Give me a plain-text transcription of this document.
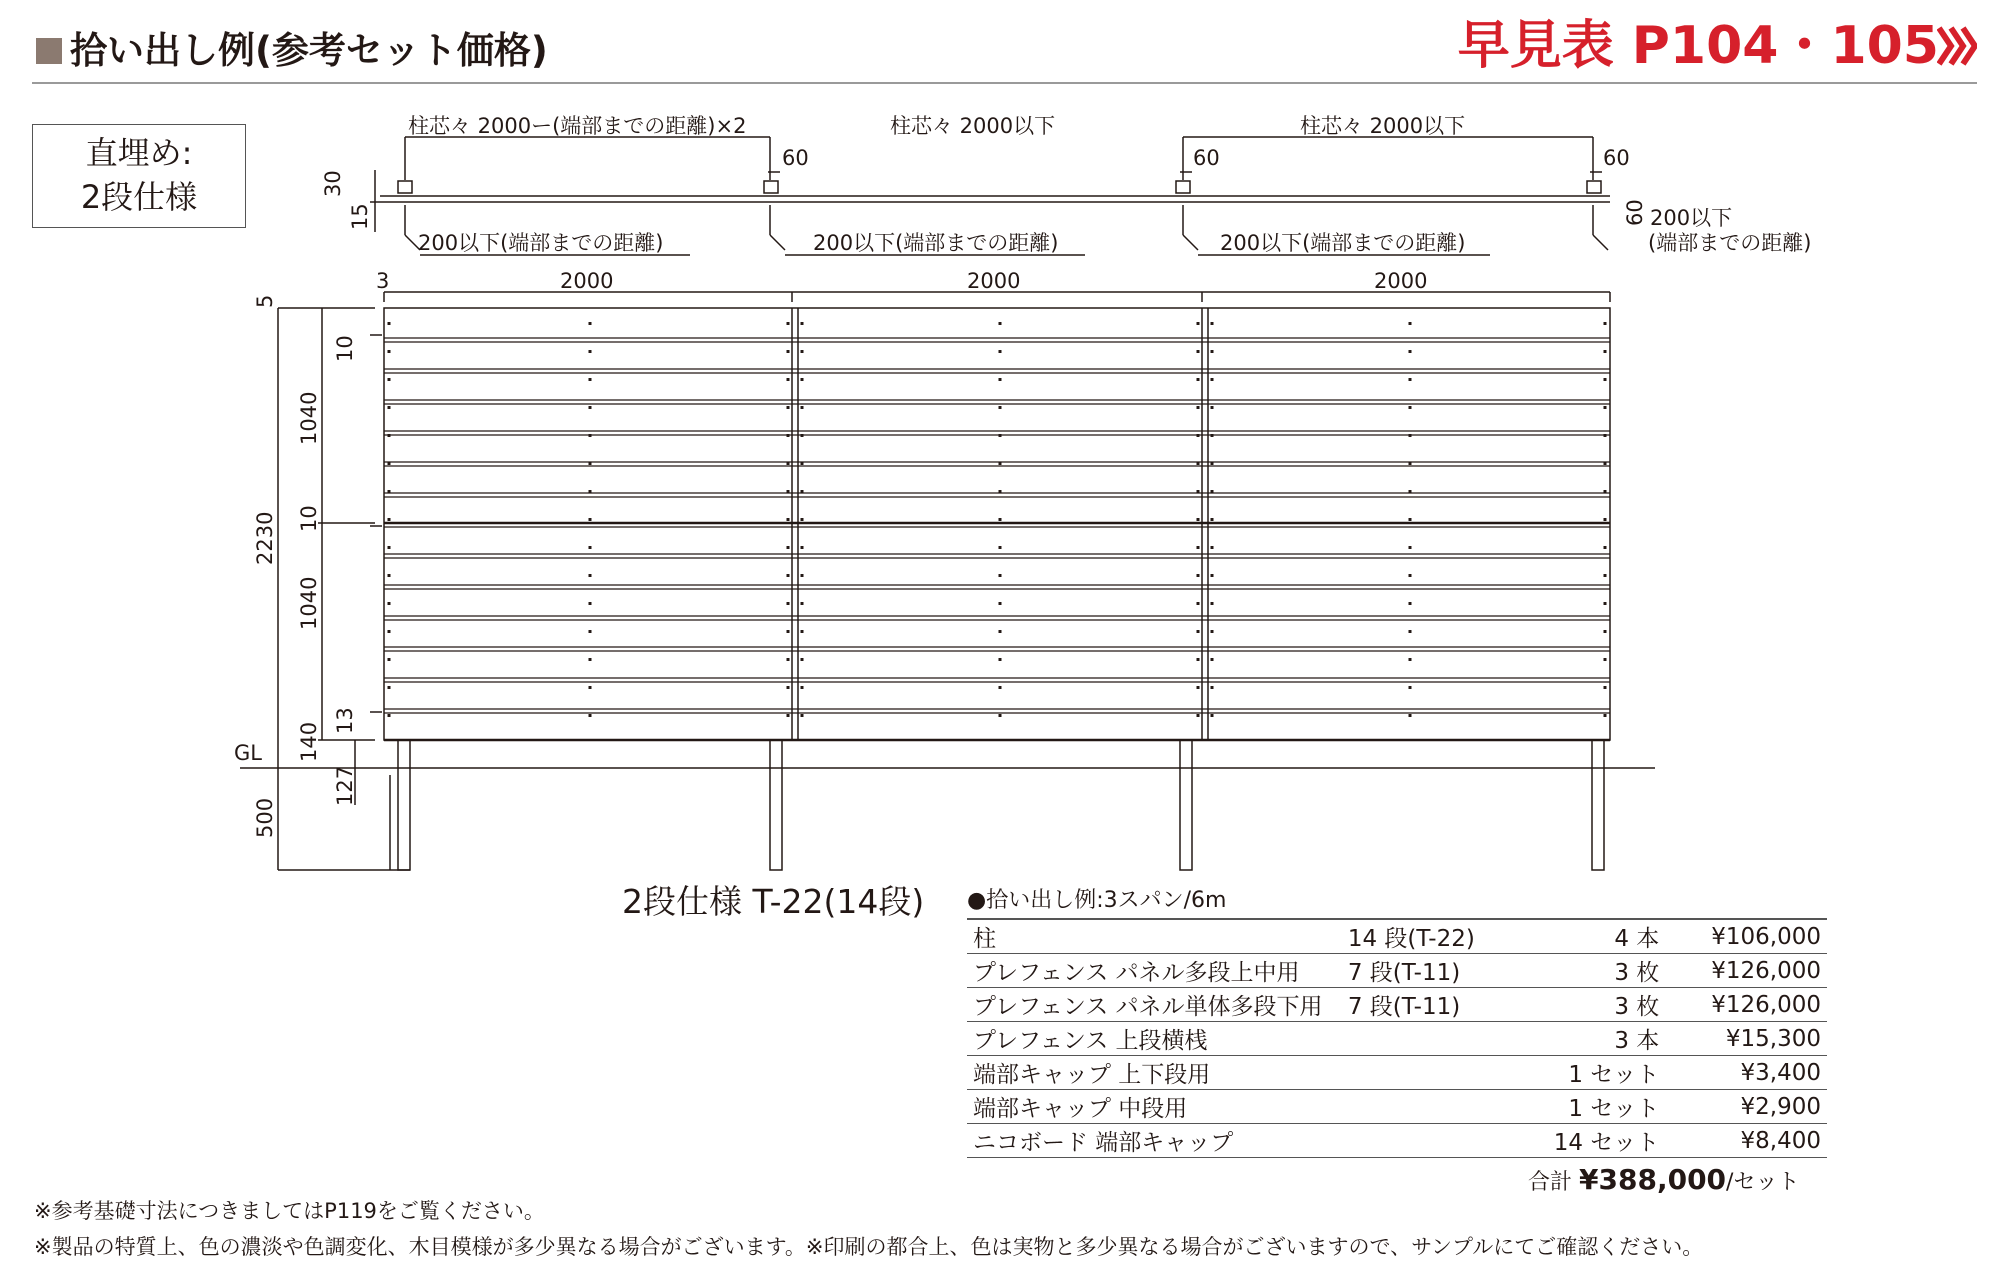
拾い出し例(参考セット価格)	早見表 P104・105
直埋め:
2段仕様
柱芯々 2000ー(端部までの距離)×2	柱芯々 2000以下	柱芯々 2000以下
60	60	60
30
15	60
200以下(端部までの距離)	200以下(端部までの距離)	200以下(端部までの距離)
200以下
(端部までの距離)
3	2000	2000	2000
5
2230
1040
1040
10
10
140
13
GL
127
500
2段仕様 T-22(14段) ●拾い出し例:3スパン/6m
柱	14 段(T-22)	4 本	¥106,000
プレフェンス パネル多段上中用	7 段(T-11)	3 枚	¥126,000
プレフェンス パネル単体多段下用	7 段(T-11)	3 枚	¥126,000
プレフェンス 上段横桟		3 本	¥15,300
端部キャップ 上下段用		1 セット	¥3,400
端部キャップ 中段用		1 セット	¥2,900
ニコボード 端部キャップ		14 セット	¥8,400
合計 ¥388,000/セット
※参考基礎寸法につきましてはP119をご覧ください。
※製品の特質上、色の濃淡や色調変化、木目模様が多少異なる場合がございます。※印刷の都合上、色は実物と多少異なる場合がございますので、サンプルにてご確認ください。
